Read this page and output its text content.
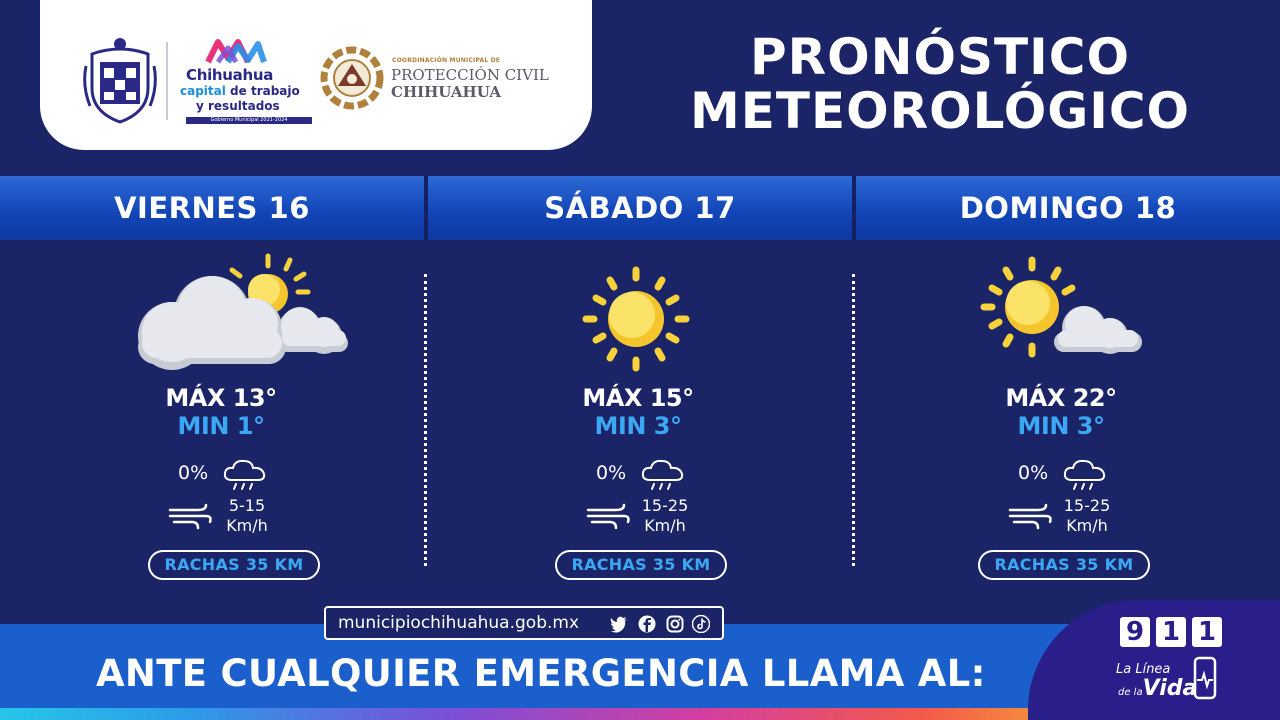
Chihuahua
capital de trabajo
y resultados
Gobierno Municipal 2021-2024
COORDINACIÓN MUNICIPAL DE
PROTECCIÓN CIVIL
CHIHUAHUA
PRONÓSTICO
METEOROLÓGICO
VIERNES 16	SÁBADO 17	DOMINGO 18
MÁX 13°
MIN 1°
MÁX 15°
MIN 3°
MÁX 22°
MIN 3°
0%	0%	0%
5-15
Km/h
15-25
Km/h
15-25
Km/h
RACHAS 35 KM	RACHAS 35 KM	RACHAS 35 KM
municipiochihuahua.gob.mx
ANTE CUALQUIER EMERGENCIA LLAMA AL:
9 1 1
La Línea
de laVida
